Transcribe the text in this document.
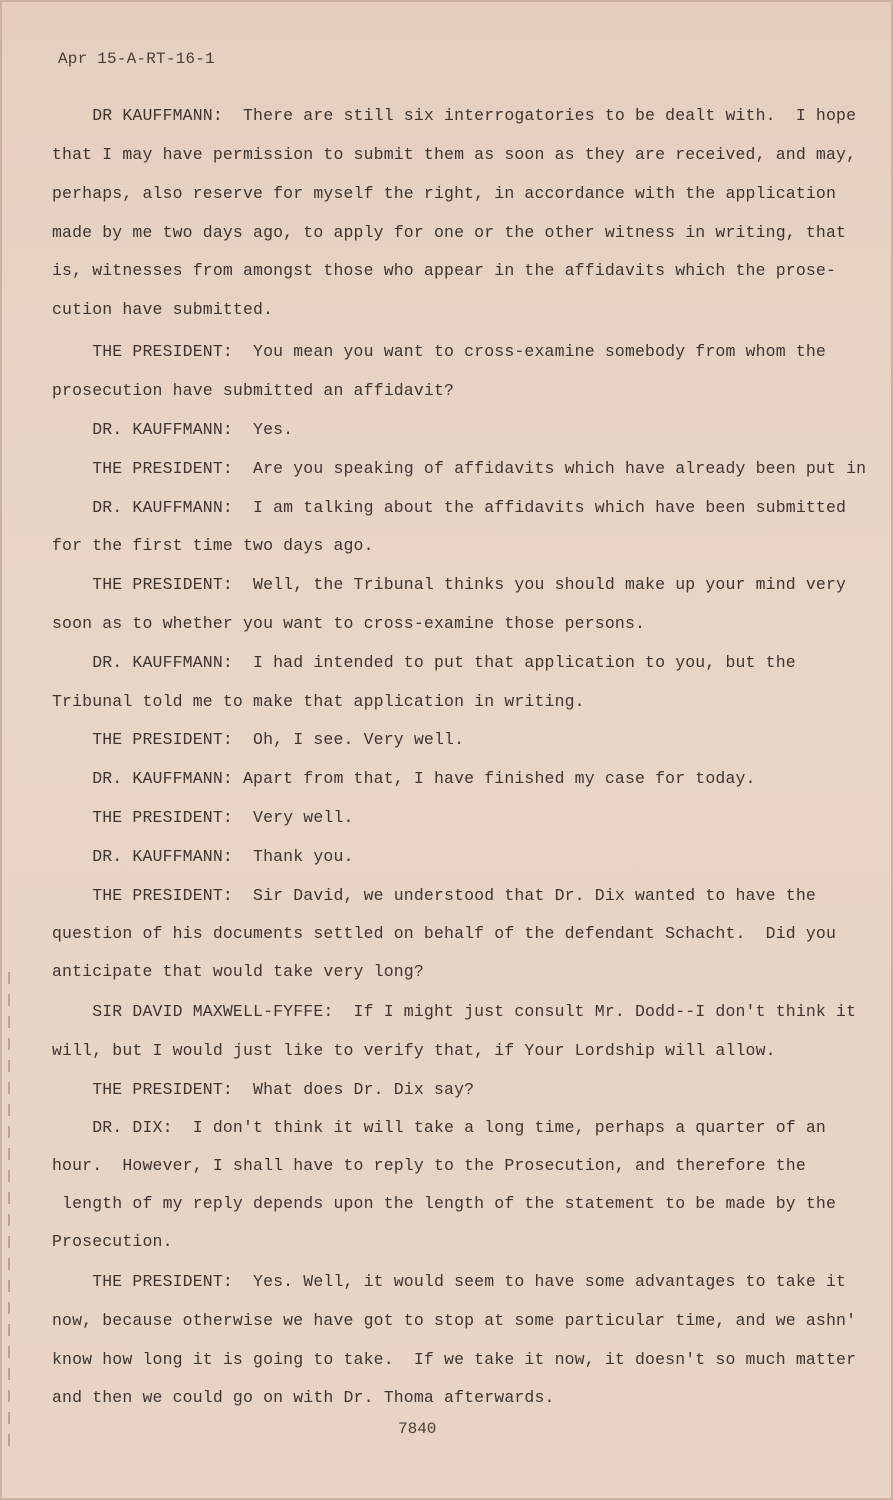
Apr 15-A-RT-16-1
DR KAUFFMANN:  There are still six interrogatories to be dealt with.  I hope
that I may have permission to submit them as soon as they are received, and may,
perhaps, also reserve for myself the right, in accordance with the application
made by me two days ago, to apply for one or the other witness in writing, that
is, witnesses from amongst those who appear in the affidavits which the prose-
cution have submitted.
THE PRESIDENT:  You mean you want to cross-examine somebody from whom the
prosecution have submitted an affidavit?
DR. KAUFFMANN:  Yes.
THE PRESIDENT:  Are you speaking of affidavits which have already been put in
DR. KAUFFMANN:  I am talking about the affidavits which have been submitted
for the first time two days ago.
THE PRESIDENT:  Well, the Tribunal thinks you should make up your mind very
soon as to whether you want to cross-examine those persons.
DR. KAUFFMANN:  I had intended to put that application to you, but the
Tribunal told me to make that application in writing.
THE PRESIDENT:  Oh, I see. Very well.
DR. KAUFFMANN: Apart from that, I have finished my case for today.
THE PRESIDENT:  Very well.
DR. KAUFFMANN:  Thank you.
THE PRESIDENT:  Sir David, we understood that Dr. Dix wanted to have the
question of his documents settled on behalf of the defendant Schacht.  Did you
anticipate that would take very long?
SIR DAVID MAXWELL-FYFFE:  If I might just consult Mr. Dodd--I don't think it
will, but I would just like to verify that, if Your Lordship will allow.
THE PRESIDENT:  What does Dr. Dix say?
DR. DIX:  I don't think it will take a long time, perhaps a quarter of an
hour.  However, I shall have to reply to the Prosecution, and therefore the
length of my reply depends upon the length of the statement to be made by the
Prosecution.
THE PRESIDENT:  Yes. Well, it would seem to have some advantages to take it
now, because otherwise we have got to stop at some particular time, and we ashn'
know how long it is going to take.  If we take it now, it doesn't so much matter
and then we could go on with Dr. Thoma afterwards.
7840
